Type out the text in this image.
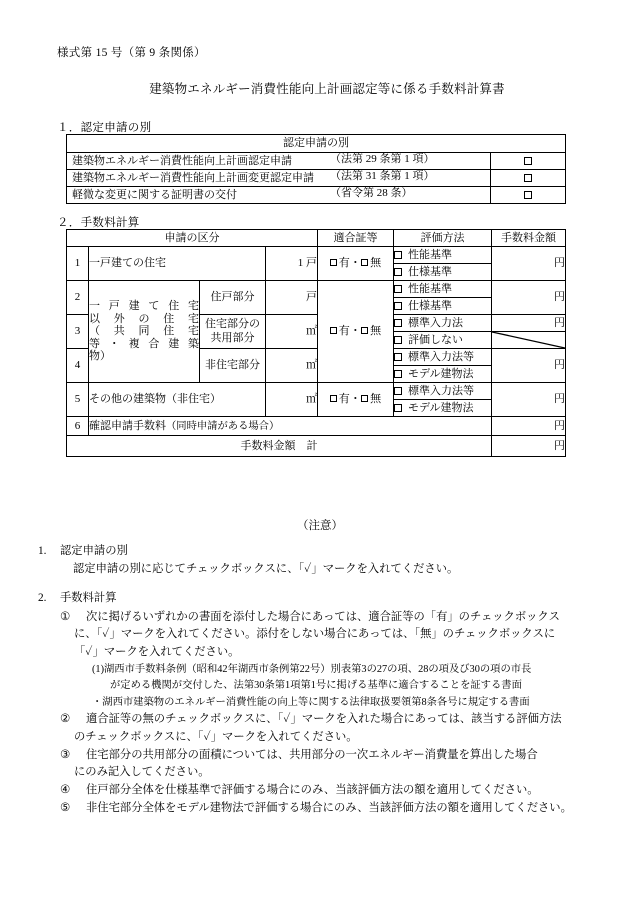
様式第 15 号（第 9 条関係）
建築物エネルギー消費性能向上計画認定等に係る手数料計算書
１．認定申請の別
認定申請の別	
建築物エネルギー消費性能向上計画認定申請 （法第 29 条第 1 項）	

建築物エネルギー消費性能向上計画変更認定申請 （法第 31 条第 1 項）	

軽微な変更に関する証明書の交付 （省令第 28 条）	

２．手数料計算
申請の区分				適合証等	評価方法	手数料金額
1	一戸建ての住宅		1 戸	有・ 無	性能基準	円
					仕様基準	
2	一戸建て住宅
以外の住宅
（共同住宅
等・複合建築
物）	住戸部分	戸	有・ 無	性能基準	円
					仕様基準	
3		住宅部分の
共用部分	㎡		標準入力法	円
					評価しない	

4		非住宅部分	㎡		標準入力法等	円
					モデル建物法	
5	その他の建築物（非住宅）		㎡	有・ 無	標準入力法等	円
					モデル建物法	
6	確認申請手数料（同時申請がある場合）					円
手数料金額　計						円
（注意）
1. 認定申請の別
認定申請の別に応じてチェックボックスに、「✓」マークを入れてください。
2. 手数料計算
① 次に掲げるいずれかの書面を添付した場合にあっては、適合証等の「有」のチェックボックス
に、「✓」マークを入れてください。添付をしない場合にあっては、「無」のチェックボックスに
「✓」マークを入れてください。
(1)湖西市手数料条例（昭和42年湖西市条例第22号）別表第3の27の項、28の項及び30の項の市長
が定める機関が交付した、法第30条第1項第1号に掲げる基準に適合することを証する書面
・湖西市建築物のエネルギー消費性能の向上等に関する法律取扱要領第8条各号に規定する書面
② 適合証等の無のチェックボックスに、「✓」マークを入れた場合にあっては、該当する評価方法
のチェックボックスに、「✓」マークを入れてください。
③ 住宅部分の共用部分の面積については、共用部分の一次エネルギー消費量を算出した場合
にのみ記入してください。
④ 住戸部分全体を仕様基準で評価する場合にのみ、当該評価方法の額を適用してください。
⑤ 非住宅部分全体をモデル建物法で評価する場合にのみ、当該評価方法の額を適用してください。
